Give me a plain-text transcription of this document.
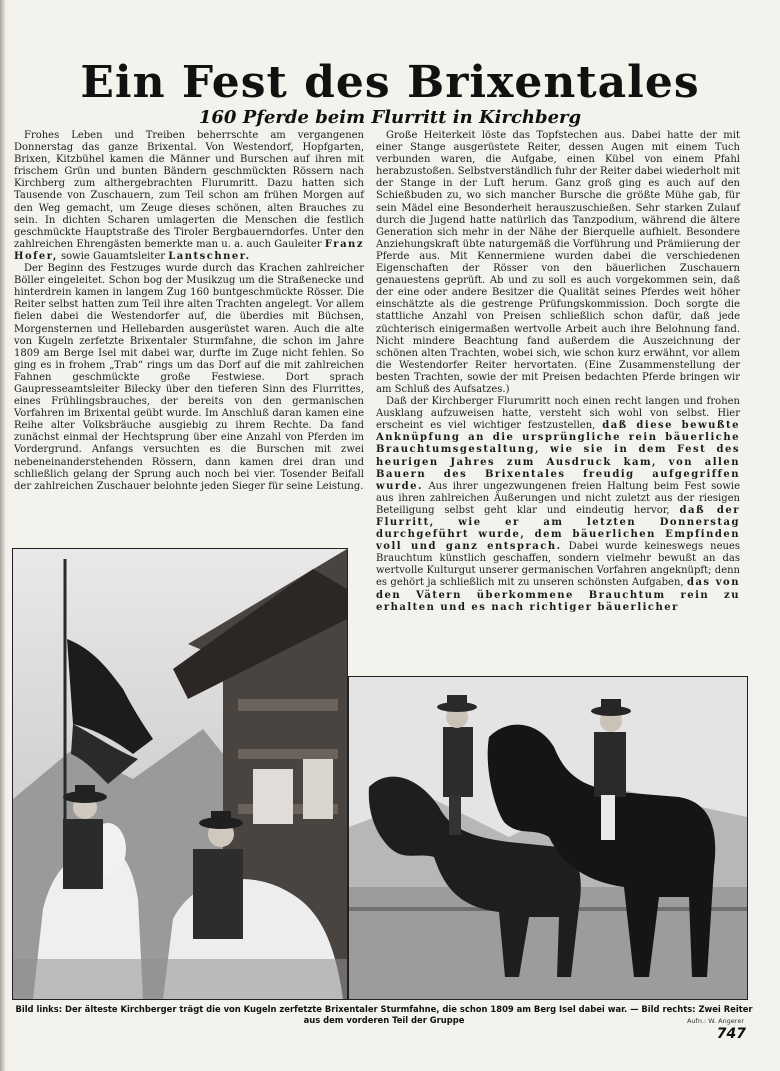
Ein Fest des Brixentales
160 Pferde beim Flurritt in Kirchberg

Frohes Leben und Treiben beherrschte am vergangenen Donnerstag das ganze Brixental. Von Westendorf, Hopfgarten, Brixen, Kitzbühel kamen die Männer und Burschen auf ihren mit frischem Grün und bunten Bändern geschmückten Rössern nach Kirchberg zum althergebrachten Flurumritt. Dazu hatten sich Tausende von Zuschauern, zum Teil schon am frühen Morgen auf den Weg gemacht, um Zeuge dieses schönen, alten Brauches zu sein. In dichten Scharen umlagerten die Menschen die festlich geschmückte Hauptstraße des Tiroler Bergbauerndorfes. Unter den zahlreichen Ehrengästen bemerkte man u. a. auch Gauleiter Franz Hofer, sowie Gauamtsleiter Lantschner.

Der Beginn des Festzuges wurde durch das Krachen zahlreicher Böller eingeleitet. Schon bog der Musikzug um die Straßenecke und hinterdrein kamen in langem Zug 160 buntgeschmückte Rösser. Die Reiter selbst hatten zum Teil ihre alten Trachten angelegt. Vor allem fielen dabei die Westendorfer auf, die überdies mit Büchsen, Morgensternen und Hellebarden ausgerüstet waren. Auch die alte von Kugeln zerfetzte Brixentaler Sturmfahne, die schon im Jahre 1809 am Berge Isel mit dabei war, durfte im Zuge nicht fehlen. So ging es in frohem „Trab“ rings um das Dorf auf die mit zahlreichen Fahnen geschmückte große Festwiese. Dort sprach Gaupresseamtsleiter Bilecky über den tieferen Sinn des Flurrittes, eines Frühlingsbrauches, der bereits von den germanischen Vorfahren im Brixental geübt wurde. Im Anschluß daran kamen eine Reihe alter Volksbräuche ausgiebig zu ihrem Rechte. Da fand zunächst einmal der Hechtsprung über eine Anzahl von Pferden im Vordergrund. Anfangs versuchten es die Burschen mit zwei nebeneinanderstehenden Rössern, dann kamen drei dran und schließlich gelang der Sprung auch noch bei vier. Tosender Beifall der zahlreichen Zuschauer belohnte jeden Sieger für seine Leistung.

Große Heiterkeit löste das Topfstechen aus. Dabei hatte der mit einer Stange ausgerüstete Reiter, dessen Augen mit einem Tuch verbunden waren, die Aufgabe, einen Kübel von einem Pfahl herabzustoßen. Selbstverständlich fuhr der Reiter dabei wiederholt mit der Stange in der Luft herum. Ganz groß ging es auch auf den Schießbuden zu, wo sich mancher Bursche die größte Mühe gab, für sein Mädel eine Besonderheit herauszuschießen. Sehr starken Zulauf durch die Jugend hatte natürlich das Tanzpodium, während die ältere Generation sich mehr in der Nähe der Bierquelle aufhielt. Besondere Anziehungskraft übte naturgemäß die Vorführung und Prämiierung der Pferde aus. Mit Kennermiene wurden dabei die verschiedenen Eigenschaften der Rösser von den bäuerlichen Zuschauern genauestens geprüft. Ab und zu soll es auch vorgekommen sein, daß der eine oder andere Besitzer die Qualität seines Pferdes weit höher einschätzte als die gestrenge Prüfungskommission. Doch sorgte die stattliche Anzahl von Preisen schließlich schon dafür, daß jede züchterisch einigermaßen wertvolle Arbeit auch ihre Belohnung fand. Nicht mindere Beachtung fand außerdem die Auszeichnung der schönen alten Trachten, wobei sich, wie schon kurz erwähnt, vor allem die Westendorfer Reiter hervortaten. (Eine Zusammenstellung der besten Trachten, sowie der mit Preisen bedachten Pferde bringen wir am Schluß des Aufsatzes.)

Daß der Kirchberger Flurumritt noch einen recht langen und frohen Ausklang aufzuweisen hatte, versteht sich wohl von selbst. Hier erscheint es viel wichtiger festzustellen, daß diese bewußte Anknüpfung an die ursprüngliche rein bäuerliche Brauchtumsgestaltung, wie sie in dem Fest des heurigen Jahres zum Ausdruck kam, von allen Bauern des Brixentales freudig aufgegriffen wurde. Aus ihrer ungezwungenen freien Haltung beim Fest sowie aus ihren zahlreichen Äußerungen und nicht zuletzt aus der riesigen Beteiligung selbst geht klar und eindeutig hervor, daß der Flurritt, wie er am letzten Donnerstag durchgeführt wurde, dem bäuerlichen Empfinden voll und ganz entsprach. Dabei wurde keineswegs neues Brauchtum künstlich geschaffen, sondern vielmehr bewußt an das wertvolle Kulturgut unserer germanischen Vorfahren angeknüpft; denn es gehört ja schließlich mit zu unseren schönsten Aufgaben, das von den Vätern überkommene Brauchtum rein zu erhalten und es nach richtiger bäuerlicher

Bild links: Der älteste Kirchberger trägt die von Kugeln zerfetzte Brixentaler Sturmfahne, die schon 1809 am Berg Isel dabei war. — Bild rechts: Zwei Reiter aus dem vorderen Teil der Gruppe	Aufn.: W. Angerer
747
